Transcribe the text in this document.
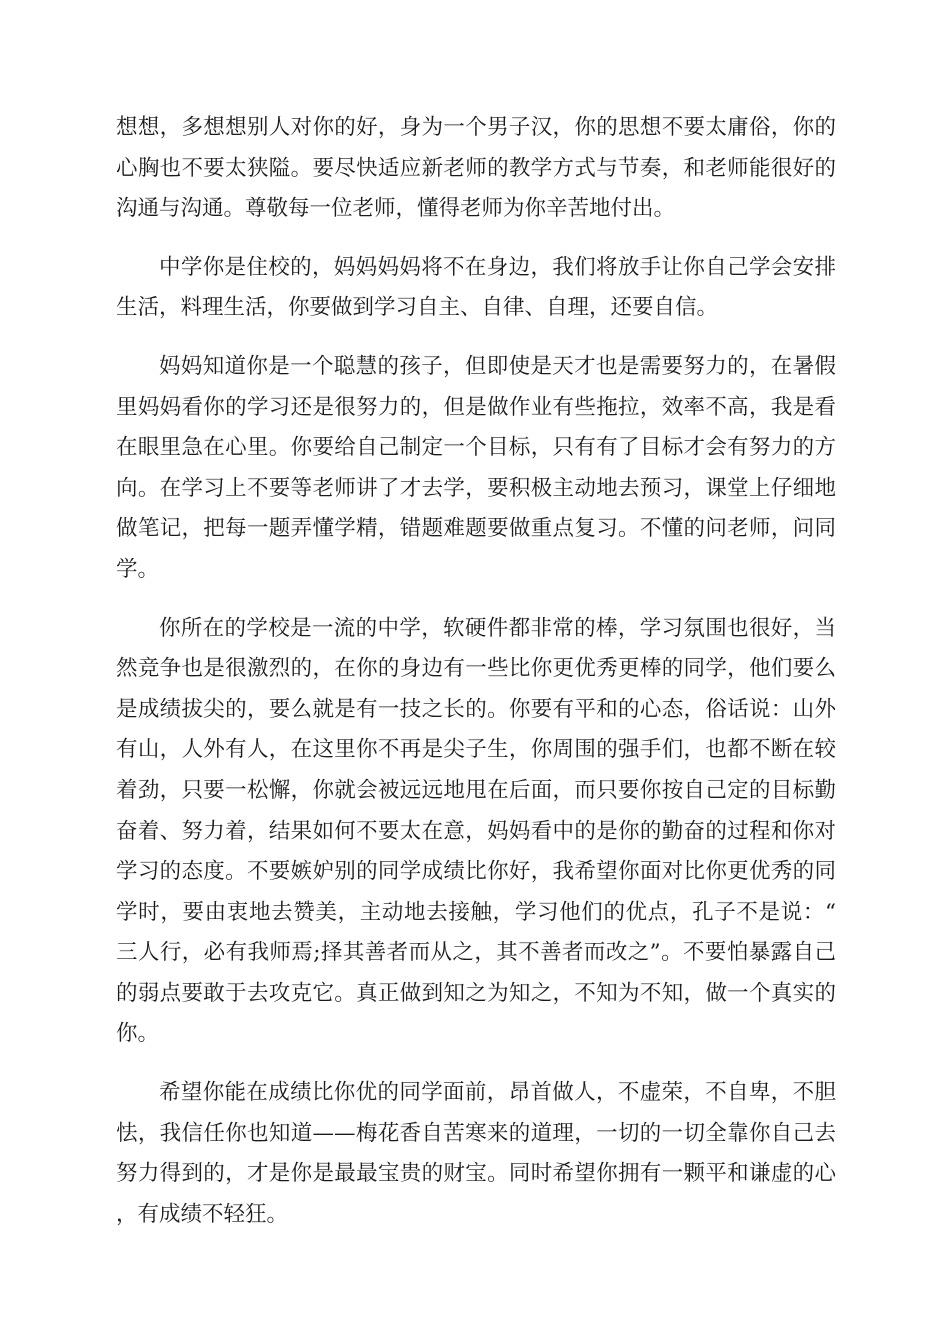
想想，多想想别人对你的好，身为一个男子汉，你的思想不要太庸俗，你的心胸也不要太狭隘。要尽快适应新老师的教学方式与节奏，和老师能很好的沟通与沟通。尊敬每一位老师，懂得老师为你辛苦地付出。

中学你是住校的，妈妈妈妈将不在身边，我们将放手让你自己学会安排生活，料理生活，你要做到学习自主、自律、自理，还要自信。

妈妈知道你是一个聪慧的孩子，但即使是天才也是需要努力的，在暑假里妈妈看你的学习还是很努力的，但是做作业有些拖拉，效率不高，我是看在眼里急在心里。你要给自己制定一个目标，只有有了目标才会有努力的方向。在学习上不要等老师讲了才去学，要积极主动地去预习，课堂上仔细地做笔记，把每一题弄懂学精，错题难题要做重点复习。不懂的问老师，问同学。

你所在的学校是一流的中学，软硬件都非常的棒，学习氛围也很好，当然竞争也是很激烈的，在你的身边有一些比你更优秀更棒的同学，他们要么是成绩拔尖的，要么就是有一技之长的。你要有平和的心态，俗话说：山外有山，人外有人，在这里你不再是尖子生，你周围的强手们，也都不断在较着劲，只要一松懈，你就会被远远地甩在后面，而只要你按自己定的目标勤奋着、努力着，结果如何不要太在意，妈妈看中的是你的勤奋的过程和你对学习的态度。不要嫉妒别的同学成绩比你好，我希望你面对比你更优秀的同学时，要由衷地去赞美，主动地去接触，学习他们的优点，孔子不是说：“三人行，必有我师焉;择其善者而从之，其不善者而改之”。不要怕暴露自己的弱点要敢于去攻克它。真正做到知之为知之，不知为不知，做一个真实的你。

希望你能在成绩比你优的同学面前，昂首做人，不虚荣，不自卑，不胆怯，我信任你也知道——梅花香自苦寒来的道理，一切的一切全靠你自己去努力得到的，才是你是最最宝贵的财宝。同时希望你拥有一颗平和谦虚的心，有成绩不轻狂。
